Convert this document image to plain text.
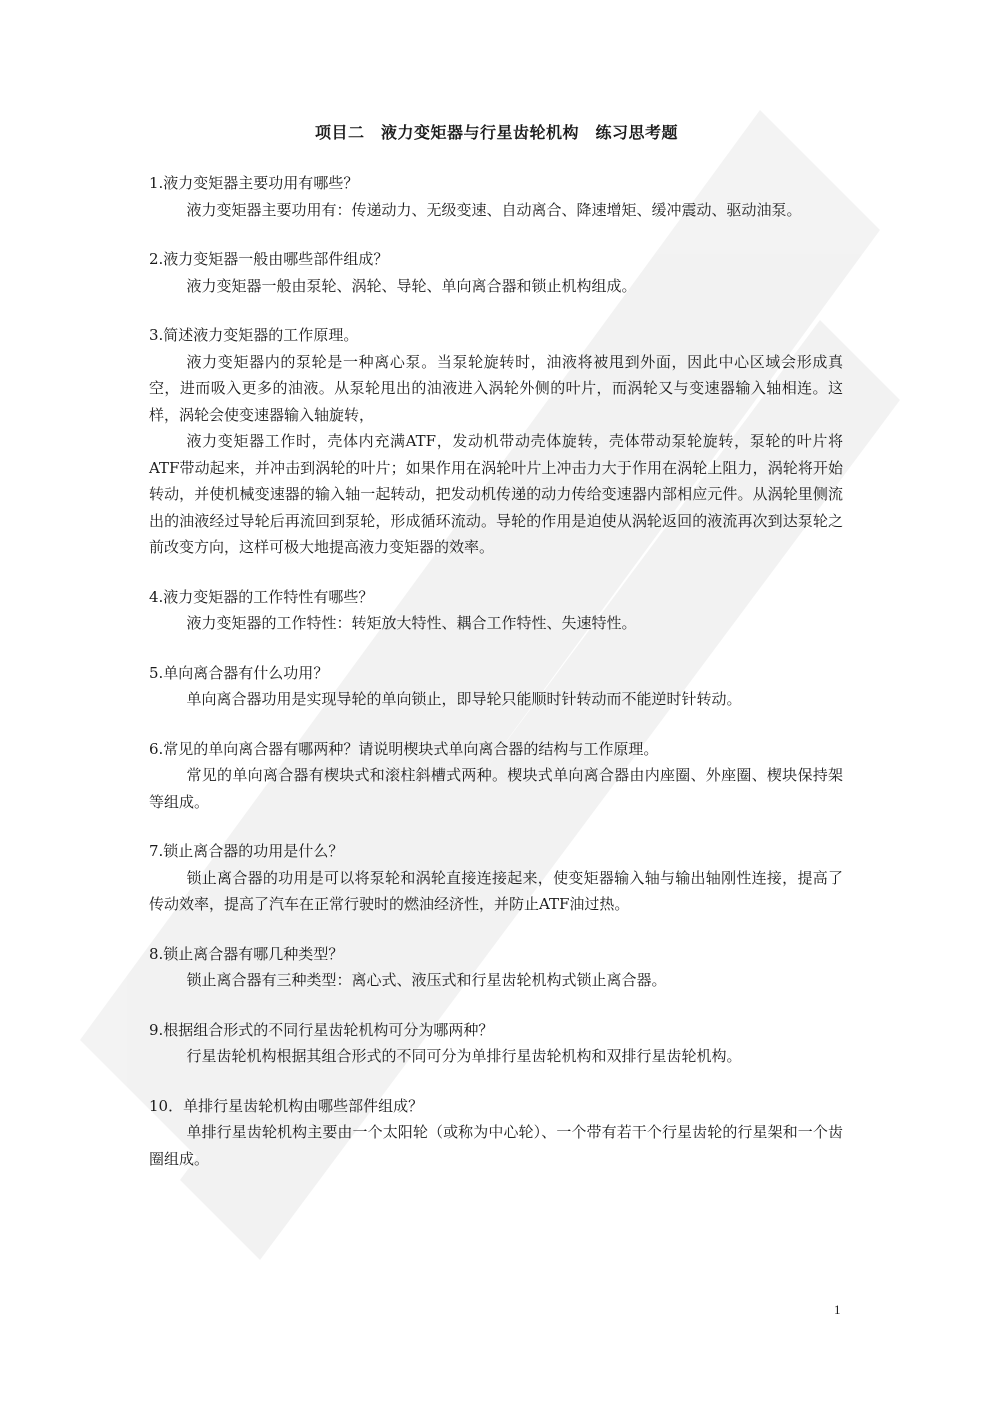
项目二　液力变矩器与行星齿轮机构　练习思考题
1.液力变矩器主要功用有哪些？

液力变矩器主要功用有：传递动力、无级变速、自动离合、降速增矩、缓冲震动、驱动油泵。

2.液力变矩器一般由哪些部件组成？

液力变矩器一般由泵轮、涡轮、导轮、单向离合器和锁止机构组成。

3.简述液力变矩器的工作原理。

液力变矩器内的泵轮是一种离心泵。当泵轮旋转时，油液将被甩到外面，因此中心区域会形成真空，进而吸入更多的油液。从泵轮甩出的油液进入涡轮外侧的叶片，而涡轮又与变速器输入轴相连。这样，涡轮会使变速器输入轴旋转，

液力变矩器工作时，壳体内充满ATF，发动机带动壳体旋转，壳体带动泵轮旋转，泵轮的叶片将ATF带动起来，并冲击到涡轮的叶片；如果作用在涡轮叶片上冲击力大于作用在涡轮上阻力，涡轮将开始转动，并使机械变速器的输入轴一起转动，把发动机传递的动力传给变速器内部相应元件。从涡轮里侧流出的油液经过导轮后再流回到泵轮，形成循环流动。导轮的作用是迫使从涡轮返回的液流再次到达泵轮之前改变方向，这样可极大地提高液力变矩器的效率。

4.液力变矩器的工作特性有哪些？

液力变矩器的工作特性：转矩放大特性、耦合工作特性、失速特性。

5.单向离合器有什么功用？

单向离合器功用是实现导轮的单向锁止，即导轮只能顺时针转动而不能逆时针转动。

6.常见的单向离合器有哪两种？请说明楔块式单向离合器的结构与工作原理。

常见的单向离合器有楔块式和滚柱斜槽式两种。楔块式单向离合器由内座圈、外座圈、楔块保持架等组成。

7.锁止离合器的功用是什么？

锁止离合器的功用是可以将泵轮和涡轮直接连接起来，使变矩器输入轴与输出轴刚性连接，提高了传动效率，提高了汽车在正常行驶时的燃油经济性，并防止ATF油过热。

8.锁止离合器有哪几种类型？

锁止离合器有三种类型：离心式、液压式和行星齿轮机构式锁止离合器。

9.根据组合形式的不同行星齿轮机构可分为哪两种？

行星齿轮机构根据其组合形式的不同可分为单排行星齿轮机构和双排行星齿轮机构。

10．单排行星齿轮机构由哪些部件组成？

单排行星齿轮机构主要由一个太阳轮（或称为中心轮）、一个带有若干个行星齿轮的行星架和一个齿圈组成。

1
